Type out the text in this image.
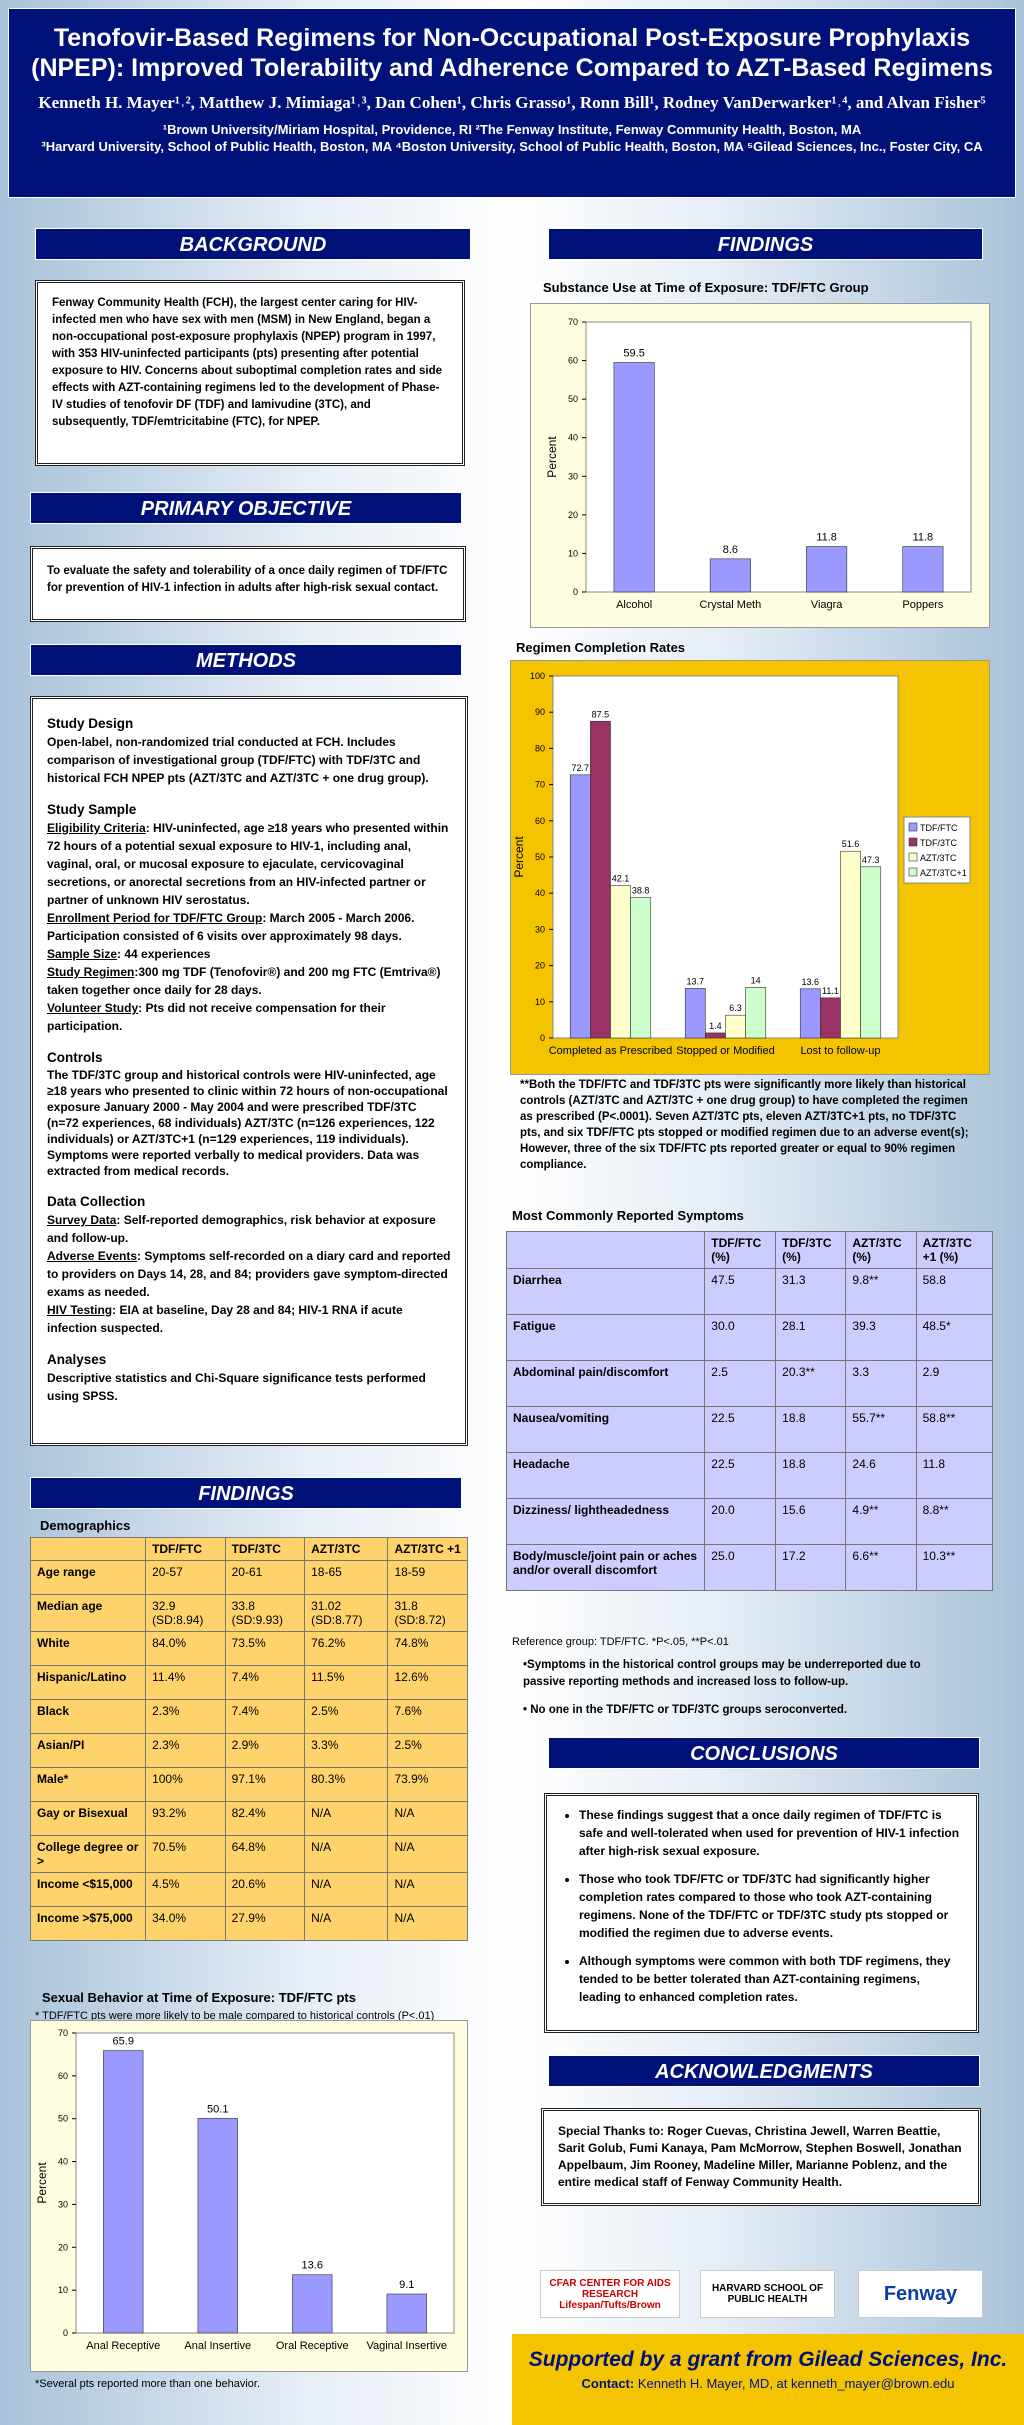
Tenofovir-Based Regimens for Non-Occupational Post-Exposure Prophylaxis (NPEP): Improved Tolerability and Adherence Compared to AZT-Based Regimens
Kenneth H. Mayer¹˒², Matthew J. Mimiaga¹˒³, Dan Cohen¹, Chris Grasso¹, Ronn Bill¹, Rodney VanDerwarker¹˒⁴, and Alvan Fisher⁵
¹Brown University/Miriam Hospital, Providence, RI ²The Fenway Institute, Fenway Community Health, Boston, MA
³Harvard University, School of Public Health, Boston, MA ⁴Boston University, School of Public Health, Boston, MA ⁵Gilead Sciences, Inc., Foster City, CA
BACKGROUND
Fenway Community Health (FCH), the largest center caring for HIV-infected men who have sex with men (MSM) in New England, began a non-occupational post-exposure prophylaxis (NPEP) program in 1997, with 353 HIV-uninfected participants (pts) presenting after potential exposure to HIV. Concerns about suboptimal completion rates and side effects with AZT-containing regimens led to the development of Phase-IV studies of tenofovir DF (TDF) and lamivudine (3TC), and subsequently, TDF/emtricitabine (FTC), for NPEP.
PRIMARY OBJECTIVE
To evaluate the safety and tolerability of a once daily regimen of TDF/FTC for prevention of HIV-1 infection in adults after high-risk sexual contact.
METHODS
Study Design

Open-label, non-randomized trial conducted at FCH. Includes comparison of investigational group (TDF/FTC) with TDF/3TC and historical FCH NPEP pts (AZT/3TC and AZT/3TC + one drug group).

Study Sample

Eligibility Criteria: HIV-uninfected, age ≥18 years who presented within 72 hours of a potential sexual exposure to HIV-1, including anal, vaginal, oral, or mucosal exposure to ejaculate, cervicovaginal secretions, or anorectal secretions from an HIV-infected partner or partner of unknown HIV serostatus.

Enrollment Period for TDF/FTC Group: March 2005 - March 2006. Participation consisted of 6 visits over approximately 98 days.

Sample Size: 44 experiences

Study Regimen:300 mg TDF (Tenofovir®) and 200 mg FTC (Emtriva®) taken together once daily for 28 days.

Volunteer Study: Pts did not receive compensation for their participation.

Controls

The TDF/3TC group and historical controls were HIV-uninfected, age ≥18 years who presented to clinic within 72 hours of non-occupational exposure January 2000 - May 2004 and were prescribed TDF/3TC (n=72 experiences, 68 individuals) AZT/3TC (n=126 experiences, 122 individuals) or AZT/3TC+1 (n=129 experiences, 119 individuals). Symptoms were reported verbally to medical providers. Data was extracted from medical records.

Data Collection

Survey Data: Self-reported demographics, risk behavior at exposure and follow-up.

Adverse Events: Symptoms self-recorded on a diary card and reported to providers on Days 14, 28, and 84; providers gave symptom-directed exams as needed.

HIV Testing: EIA at baseline, Day 28 and 84; HIV-1 RNA if acute infection suspected.

Analyses

Descriptive statistics and Chi-Square significance tests performed using SPSS.

FINDINGS
Demographics
	TDF/FTC	TDF/3TC	AZT/3TC	AZT/3TC +1
Age range	20-57	20-61	18-65	18-59
Median age	32.9 (SD:8.94)	33.8 (SD:9.93)	31.02 (SD:8.77)	31.8 (SD:8.72)
White	84.0%	73.5%	76.2%	74.8%
Hispanic/Latino	11.4%	7.4%	11.5%	12.6%
Black	2.3%	7.4%	2.5%	7.6%
Asian/PI	2.3%	2.9%	3.3%	2.5%
Male*	100%	97.1%	80.3%	73.9%
Gay or Bisexual	93.2%	82.4%	N/A	N/A
College degree or >	70.5%	64.8%	N/A	N/A
Income <$15,000	4.5%	20.6%	N/A	N/A
Income >$75,000	34.0%	27.9%	N/A	N/A
* TDF/FTC pts were more likely to be male compared to historical controls (P<.01)
Sexual Behavior at Time of Exposure: TDF/FTC pts
0
10
20
30
40
50
60
70
Percent
Anal Receptive Anal Insertive Oral Receptive Vaginal Insertive
65.9
50.1
13.6
9.1
*Several pts reported more than one behavior.
FINDINGS
Substance Use at Time of Exposure: TDF/FTC Group
0
10
20
30
40
50
60
70
Percent
Alcohol	Crystal Meth	Viagra	Poppers
59.5
8.6
11.8	11.8
Regimen Completion Rates
0
10
20
30
40
50
60
70
80
90
100
Percent
Completed as Prescribed Stopped or Modified Lost to follow-up
72.7
13.7	13.6
87.5
1.4
11.1
42.1
6.3
51.6
38.8
14
47.3
TDF/FTC
TDF/3TC
AZT/3TC
AZT/3TC+1
**Both the TDF/FTC and TDF/3TC pts were significantly more likely than historical controls (AZT/3TC and AZT/3TC + one drug group) to have completed the regimen as prescribed (P<.0001). Seven AZT/3TC pts, eleven AZT/3TC+1 pts, no TDF/3TC pts, and six TDF/FTC pts stopped or modified regimen due to an adverse event(s); However, three of the six TDF/FTC pts reported greater or equal to 90% regimen compliance.
Most Commonly Reported Symptoms
	TDF/FTC (%)	TDF/3TC (%)	AZT/3TC (%)	AZT/3TC +1 (%)
Diarrhea	47.5	31.3	9.8**	58.8
Fatigue	30.0	28.1	39.3	48.5*
Abdominal pain/discomfort	2.5	20.3**	3.3	2.9
Nausea/vomiting	22.5	18.8	55.7**	58.8**
Headache	22.5	18.8	24.6	11.8
Dizziness/ lightheadedness	20.0	15.6	4.9**	8.8**
Body/muscle/joint pain or aches and/or overall discomfort	25.0	17.2	6.6**	10.3**
Reference group: TDF/FTC. *P<.05, **P<.01
•Symptoms in the historical control groups may be underreported due to passive reporting methods and increased loss to follow-up.
• No one in the TDF/FTC or TDF/3TC groups seroconverted.
CONCLUSIONS
• These findings suggest that a once daily regimen of TDF/FTC is safe and well-tolerated when used for prevention of HIV-1 infection after high-risk sexual exposure.
• Those who took TDF/FTC or TDF/3TC had significantly higher completion rates compared to those who took AZT-containing regimens. None of the TDF/FTC or TDF/3TC study pts stopped or modified the regimen due to adverse events.
• Although symptoms were common with both TDF regimens, they tended to be better tolerated than AZT-containing regimens, leading to enhanced completion rates.
ACKNOWLEDGMENTS
Special Thanks to: Roger Cuevas, Christina Jewell, Warren Beattie, Sarit Golub, Fumi Kanaya, Pam McMorrow, Stephen Boswell, Jonathan Appelbaum, Jim Rooney, Madeline Miller, Marianne Poblenz, and the entire medical staff of Fenway Community Health.
CFAR CENTER FOR AIDS RESEARCH Lifespan/Tufts/Brown
HARVARD SCHOOL OF PUBLIC HEALTH	Fenway
Supported by a grant from Gilead Sciences, Inc.
Contact: Kenneth H. Mayer, MD, at kenneth_mayer@brown.edu
